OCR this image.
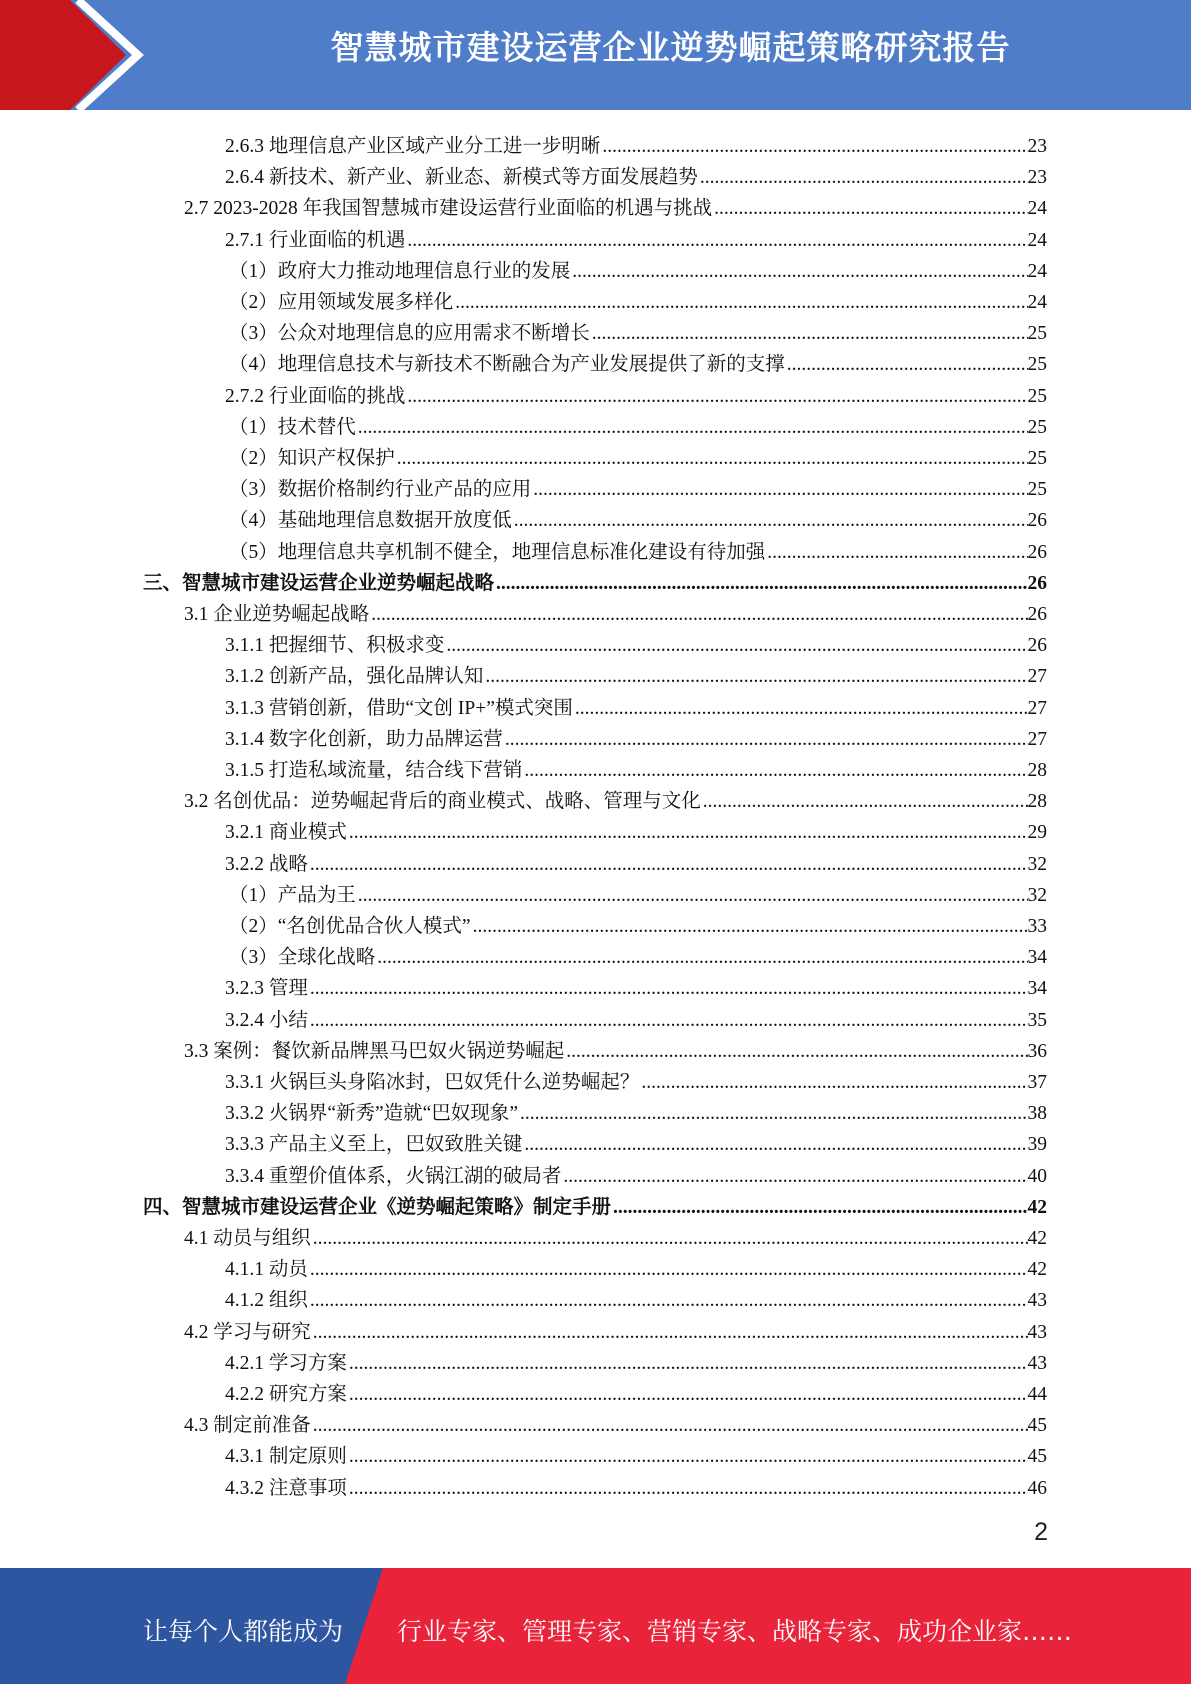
智慧城市建设运营企业逆势崛起策略研究报告
2.6.3 地理信息产业区域产业分工进一步明晰 .....	23
2.6.4 新技术、新产业、新业态、新模式等方面发展趋势 .....	23
2.7 2023-2028 年我国智慧城市建设运营行业面临的机遇与挑战 .....	24
2.7.1 行业面临的机遇 .....	24
（1）政府大力推动地理信息行业的发展 .....	24
（2）应用领域发展多样化 .....	24
（3）公众对地理信息的应用需求不断增长 .....	25
（4）地理信息技术与新技术不断融合为产业发展提供了新的支撑 .....	25
2.7.2 行业面临的挑战 .....	25
（1）技术替代 .....	25
（2）知识产权保护 .....	25
（3）数据价格制约行业产品的应用 .....	25
（4）基础地理信息数据开放度低 .....	26
（5）地理信息共享机制不健全，地理信息标准化建设有待加强 .....	26
三、智慧城市建设运营企业逆势崛起战略 .....	26
3.1 企业逆势崛起战略 .....	26
3.1.1 把握细节、积极求变 .....	26
3.1.2 创新产品，强化品牌认知 .....	27
3.1.3 营销创新，借助“文创 IP+”模式突围 .....	27
3.1.4 数字化创新，助力品牌运营 .....	27
3.1.5 打造私域流量，结合线下营销 .....	28
3.2 名创优品：逆势崛起背后的商业模式、战略、管理与文化 .....	28
3.2.1 商业模式 .....	29
3.2.2 战略 .....	32
（1）产品为王 .....	32
（2）“名创优品合伙人模式” .....	33
（3）全球化战略 .....	34
3.2.3 管理 .....	34
3.2.4 小结 .....	35
3.3 案例：餐饮新品牌黑马巴奴火锅逆势崛起 .....	36
3.3.1 火锅巨头身陷冰封，巴奴凭什么逆势崛起？ .....	37
3.3.2 火锅界“新秀”造就“巴奴现象” .....	38
3.3.3 产品主义至上，巴奴致胜关键 .....	39
3.3.4 重塑价值体系，火锅江湖的破局者 .....	40
四、智慧城市建设运营企业《逆势崛起策略》制定手册 .....	42
4.1 动员与组织 .....	42
4.1.1 动员 .....	42
4.1.2 组织 .....	43
4.2 学习与研究 .....	43
4.2.1 学习方案 .....	43
4.2.2 研究方案 .....	44
4.3 制定前准备 .....	45
4.3.1 制定原则 .....	45
4.3.2 注意事项 .....	46
2
让每个人都能成为 行业专家、管理专家、营销专家、战略专家、成功企业家……
